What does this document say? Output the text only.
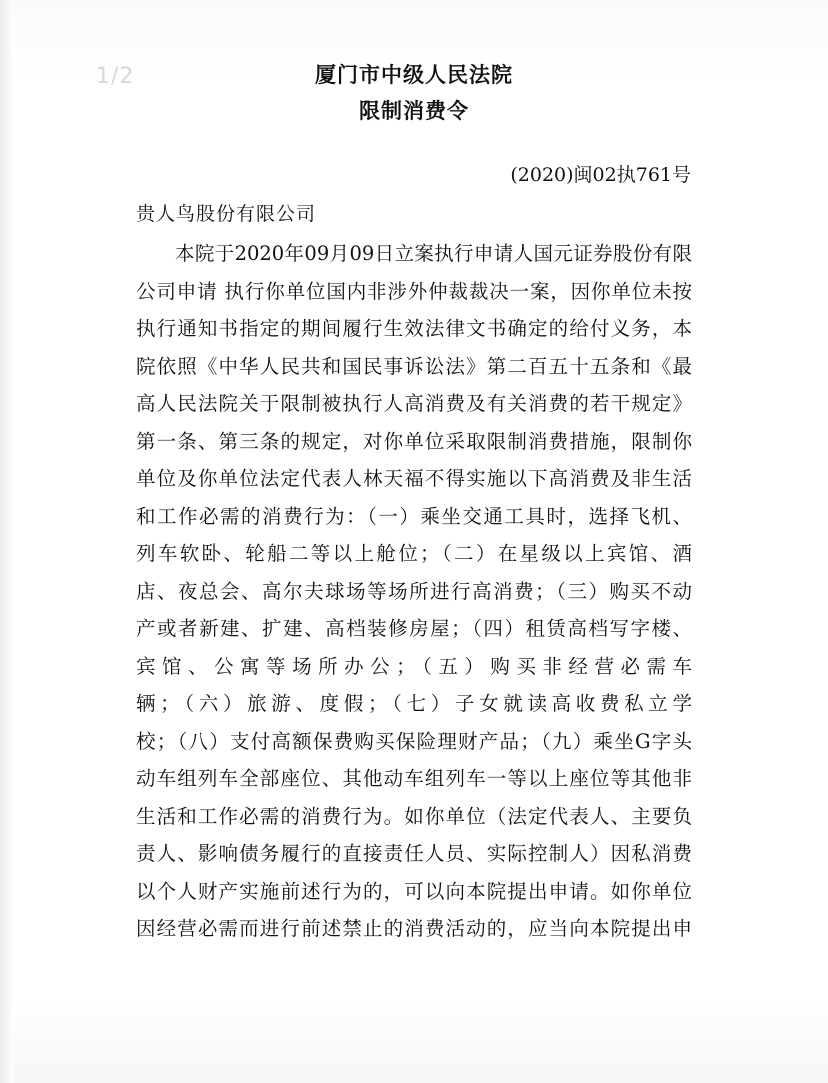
1/2	厦门市中级人民法院
限制消费令
(2020)闽02执761号
贵人鸟股份有限公司
本院于2020年09月09日立案执行申请人国元证券股份有限
公司申请 执行你单位国内非涉外仲裁裁决一案，因你单位未按
执行通知书指定的期间履行生效法律文书确定的给付义务，本
院依照《中华人民共和国民事诉讼法》第二百五十五条和《最
高人民法院关于限制被执行人高消费及有关消费的若干规定》
第一条、第三条的规定，对你单位采取限制消费措施，限制你
单位及你单位法定代表人林天福不得实施以下高消费及非生活
和工作必需的消费行为：（一）乘坐交通工具时，选择飞机、
列车软卧、轮船二等以上舱位；（二）在星级以上宾馆、酒
店、夜总会、高尔夫球场等场所进行高消费；（三）购买不动
产或者新建、扩建、高档装修房屋；（四）租赁高档写字楼、
宾馆、公寓等场所办公；（五）购买非经营必需车
辆；（六）旅游、度假；（七）子女就读高收费私立学
校；（八）支付高额保费购买保险理财产品；（九）乘坐G字头
动车组列车全部座位、其他动车组列车一等以上座位等其他非
生活和工作必需的消费行为。如你单位（法定代表人、主要负
责人、影响债务履行的直接责任人员、实际控制人）因私消费
以个人财产实施前述行为的，可以向本院提出申请。如你单位
因经营必需而进行前述禁止的消费活动的，应当向本院提出申
